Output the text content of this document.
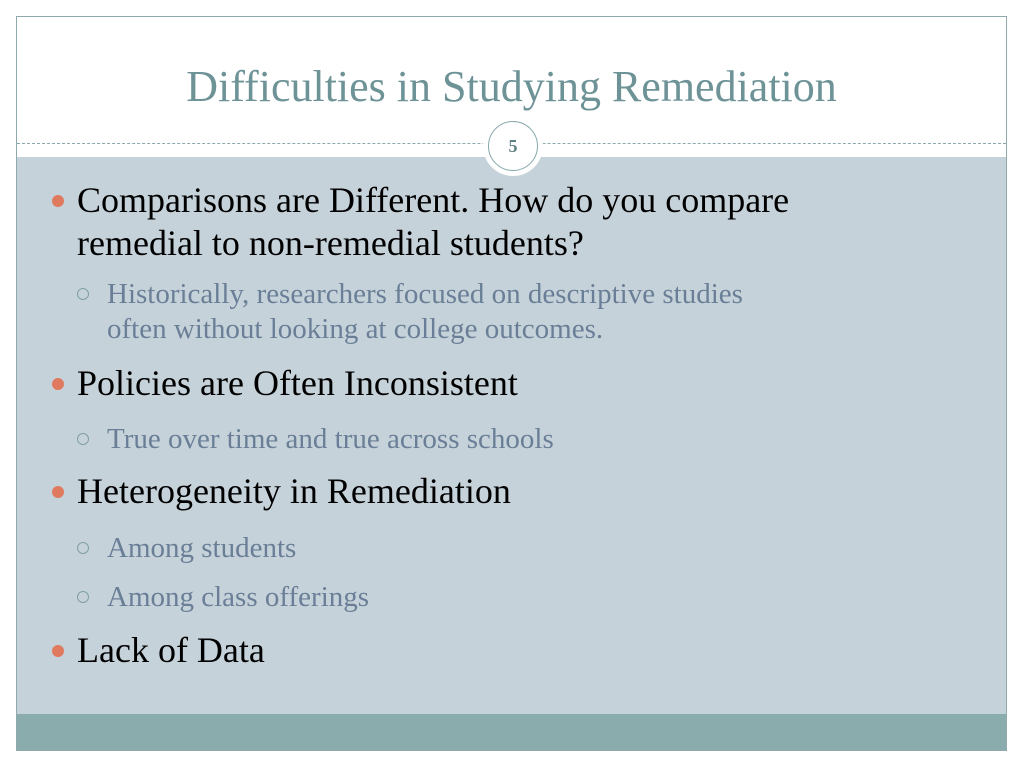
Difficulties in Studying Remediation
Comparisons are Different. How do you compare
remedial to non-remedial students?
Historically, researchers focused on descriptive studies
often without looking at college outcomes.
Policies are Often Inconsistent
True over time and true across schools
Heterogeneity in Remediation
Among students
Among class offerings
Lack of Data
5
